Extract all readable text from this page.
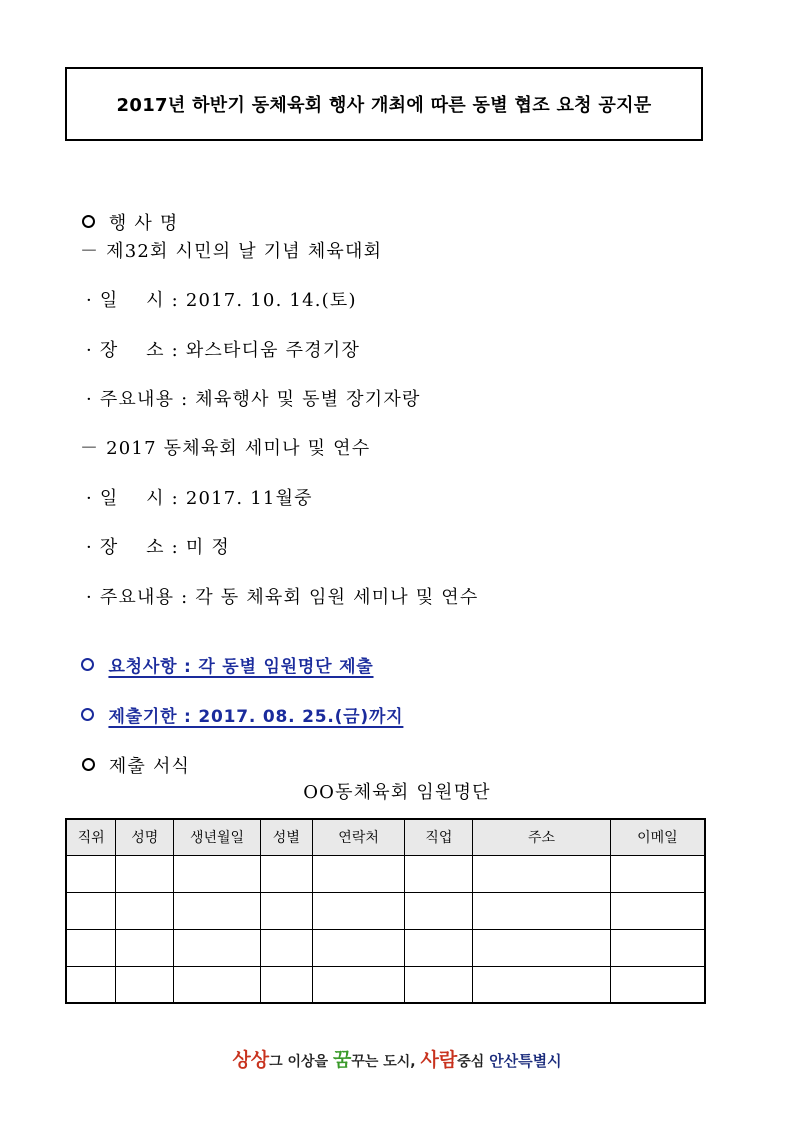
2017년 하반기 동체육회 행사 개최에 따른 동별 협조 요청 공지문

행 사 명

－ 제32회 시민의 날 기념 체육대회
· 일    시 : 2017. 10. 14.(토)
· 장    소 : 와스타디움 주경기장
· 주요내용 : 체육행사 및 동별 장기자랑
－ 2017 동체육회 세미나 및 연수
· 일    시 : 2017. 11월중
· 장    소 : 미 정
· 주요내용 : 각 동 체육회 임원 세미나 및 연수

요청사항 : 각 동별 임원명단 제출

제출기한 : 2017. 08. 25.(금)까지

제출 서식

OO동체육회 임원명단
직위	성명	생년월일	성별	연락처	직업	주소	이메일

상상그 이상을 꿈꾸는 도시, 사람중심 안산특별시
